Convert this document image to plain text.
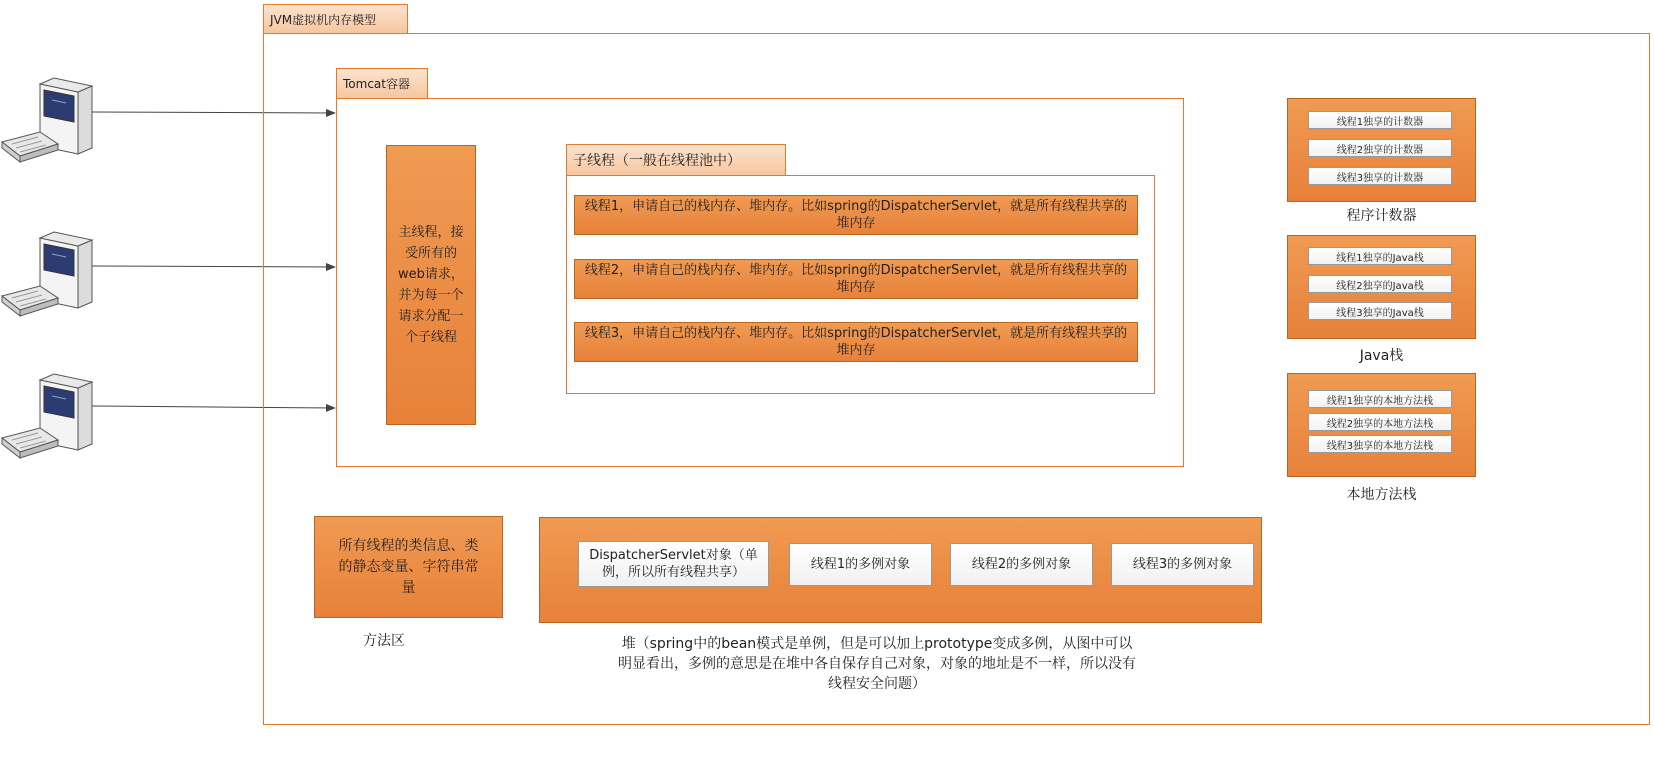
JVM虚拟机内存模型
Tomcat容器
主线程，接受所有的web请求，并为每一个请求分配一个子线程
子线程（一般在线程池中）
线程1，申请自己的栈内存、堆内存。比如spring的DispatcherServlet，就是所有线程共享的堆内存
线程2，申请自己的栈内存、堆内存。比如spring的DispatcherServlet，就是所有线程共享的堆内存
线程3，申请自己的栈内存、堆内存。比如spring的DispatcherServlet，就是所有线程共享的堆内存
线程1独享的计数器
线程2独享的计数器
线程3独享的计数器
程序计数器
线程1独享的Java栈
线程2独享的Java栈
线程3独享的Java栈
Java栈
线程1独享的本地方法栈
线程2独享的本地方法栈
线程3独享的本地方法栈
本地方法栈
所有线程的类信息、类的静态变量、字符串常量
方法区
DispatcherServlet对象（单例，所以所有线程共享）
线程1的多例对象	线程2的多例对象	线程3的多例对象
堆（spring中的bean模式是单例，但是可以加上prototype变成多例，从图中可以明显看出，多例的意思是在堆中各自保存自己对象，对象的地址是不一样，所以没有线程安全问题）
